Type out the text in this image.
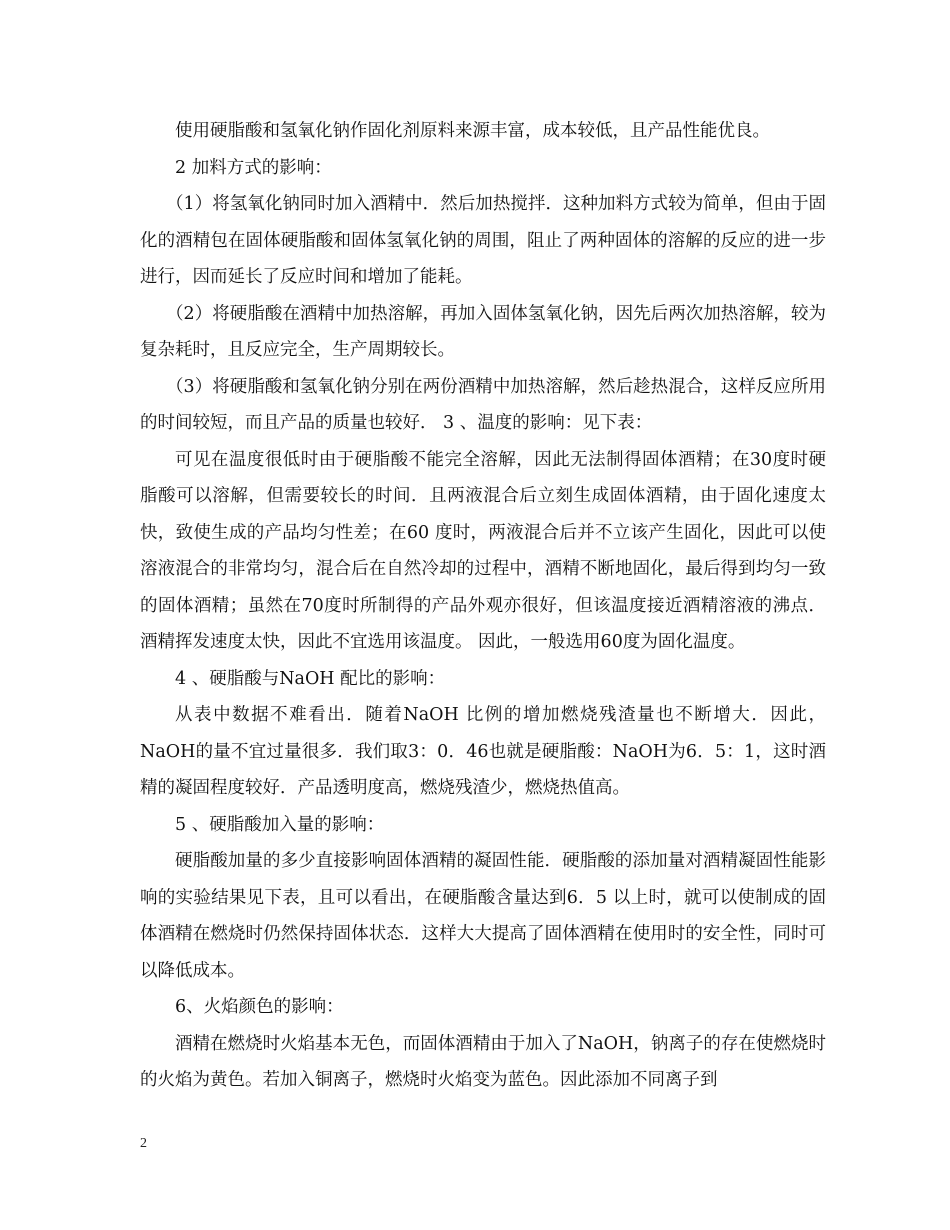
使用硬脂酸和氢氧化钠作固化剂原料来源丰富，成本较低，且产品性能优良。

2 加料方式的影响：

（1）将氢氧化钠同时加入酒精中．然后加热搅拌．这种加料方式较为简单，但由于固化的酒精包在固体硬脂酸和固体氢氧化钠的周围，阻止了两种固体的溶解的反应的进一步进行，因而延长了反应时间和增加了能耗。

（2）将硬脂酸在酒精中加热溶解，再加入固体氢氧化钠，因先后两次加热溶解，较为复杂耗时，且反应完全，生产周期较长。

（3）将硬脂酸和氢氧化钠分别在两份酒精中加热溶解，然后趁热混合，这样反应所用的时间较短，而且产品的质量也较好． 3 、温度的影响：见下表：

可见在温度很低时由于硬脂酸不能完全溶解，因此无法制得固体酒精；在30度时硬脂酸可以溶解，但需要较长的时间．且两液混合后立刻生成固体酒精，由于固化速度太快，致使生成的产品均匀性差；在60 度时，两液混合后并不立该产生固化，因此可以使溶液混合的非常均匀，混合后在自然冷却的过程中，酒精不断地固化，最后得到均匀一致的固体酒精；虽然在70度时所制得的产品外观亦很好，但该温度接近酒精溶液的沸点．酒精挥发速度太快，因此不宜选用该温度。 因此，一般选用60度为固化温度。

4 、硬脂酸与NaOH 配比的影响：

从表中数据不难看出．随着NaOH 比例的增加燃烧残渣量也不断增大．因此，NaOH的量不宜过量很多．我们取3：0．46也就是硬脂酸：NaOH为6．5：1，这时酒精的凝固程度较好．产品透明度高，燃烧残渣少，燃烧热值高。

5 、硬脂酸加入量的影响：

硬脂酸加量的多少直接影响固体酒精的凝固性能．硬脂酸的添加量对酒精凝固性能影响的实验结果见下表，且可以看出，在硬脂酸含量达到6．5 以上时，就可以使制成的固体酒精在燃烧时仍然保持固体状态．这样大大提高了固体酒精在使用时的安全性，同时可以降低成本。

6、火焰颜色的影响：

酒精在燃烧时火焰基本无色，而固体酒精由于加入了NaOH，钠离子的存在使燃烧时的火焰为黄色。若加入铜离子，燃烧时火焰变为蓝色。因此添加不同离子到

2
